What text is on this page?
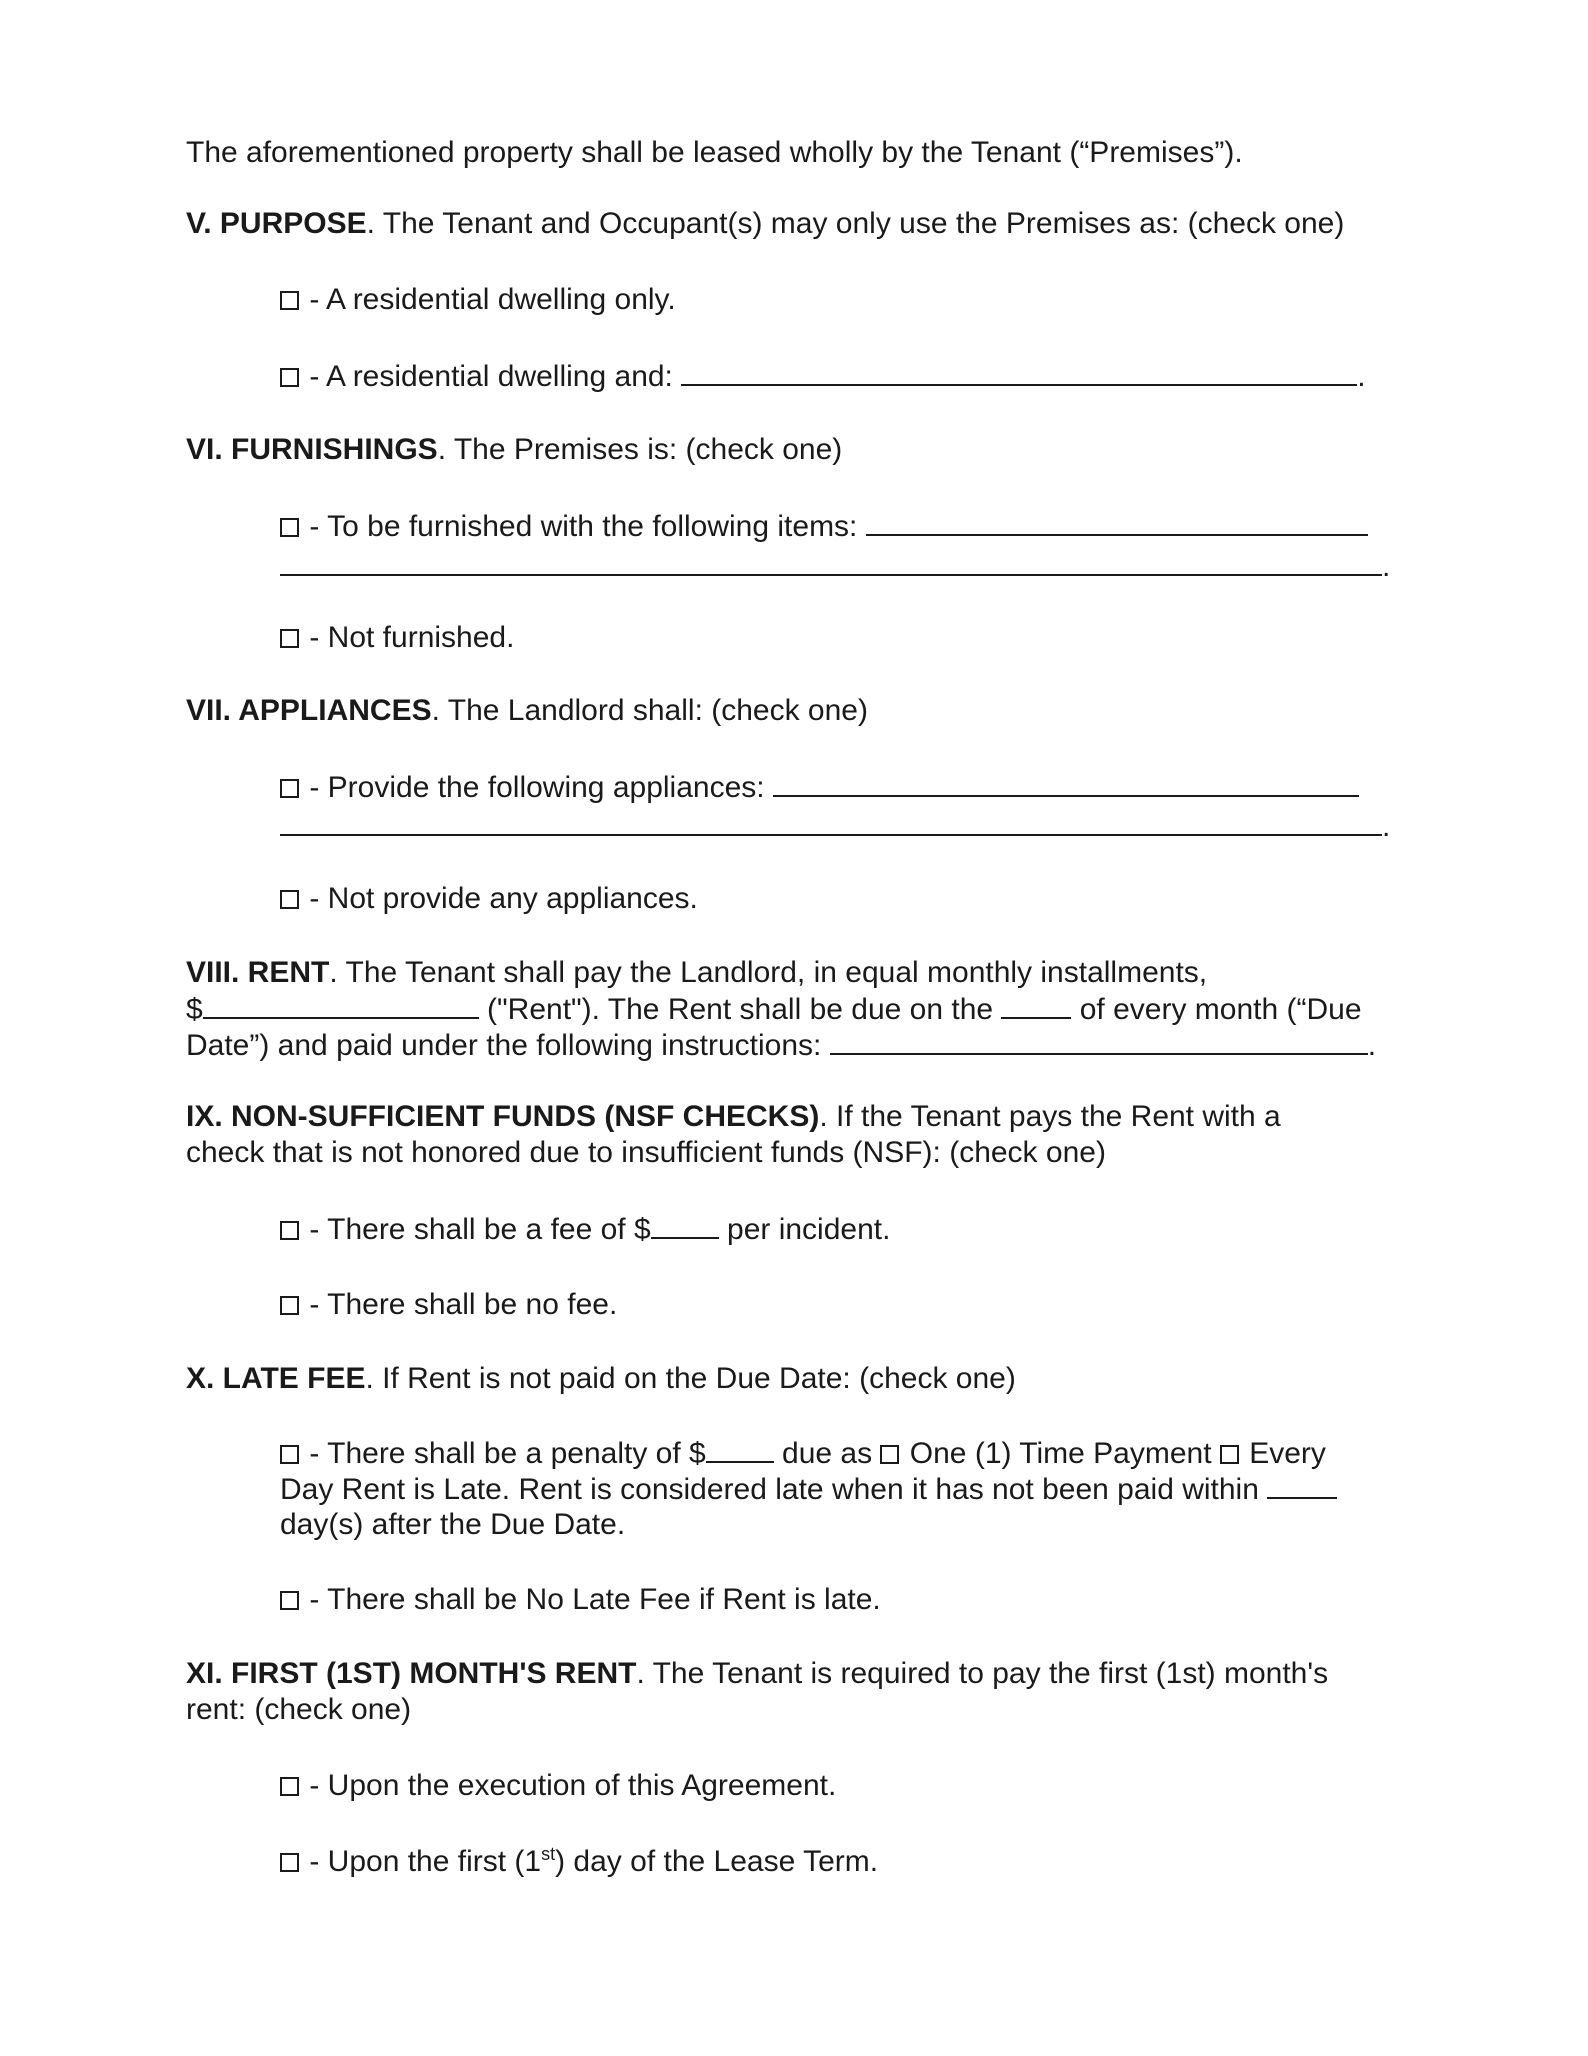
The aforementioned property shall be leased wholly by the Tenant (“Premises”).
V. PURPOSE. The Tenant and Occupant(s) may only use the Premises as: (check one)
- A residential dwelling only.
- A residential dwelling and:	.
VI. FURNISHINGS. The Premises is: (check one)
- To be furnished with the following items:
.
- Not furnished.
VII. APPLIANCES. The Landlord shall: (check one)
- Provide the following appliances:
.
- Not provide any appliances.
VIII. RENT. The Tenant shall pay the Landlord, in equal monthly installments,
$	("Rent"). The Rent shall be due on the  of every month (“Due
Date”) and paid under the following instructions:	.
IX. NON-SUFFICIENT FUNDS (NSF CHECKS). If the Tenant pays the Rent with a
check that is not honored due to insufficient funds (NSF): (check one)
- There shall be a fee of $ per incident.
- There shall be no fee.
X. LATE FEE. If Rent is not paid on the Due Date: (check one)
- There shall be a penalty of $ due as  One (1) Time Payment  Every
Day Rent is Late. Rent is considered late when it has not been paid within
day(s) after the Due Date.
- There shall be No Late Fee if Rent is late.
XI. FIRST (1ST) MONTH'S RENT. The Tenant is required to pay the first (1st) month's
rent: (check one)
- Upon the execution of this Agreement.
- Upon the first (1st) day of the Lease Term.
